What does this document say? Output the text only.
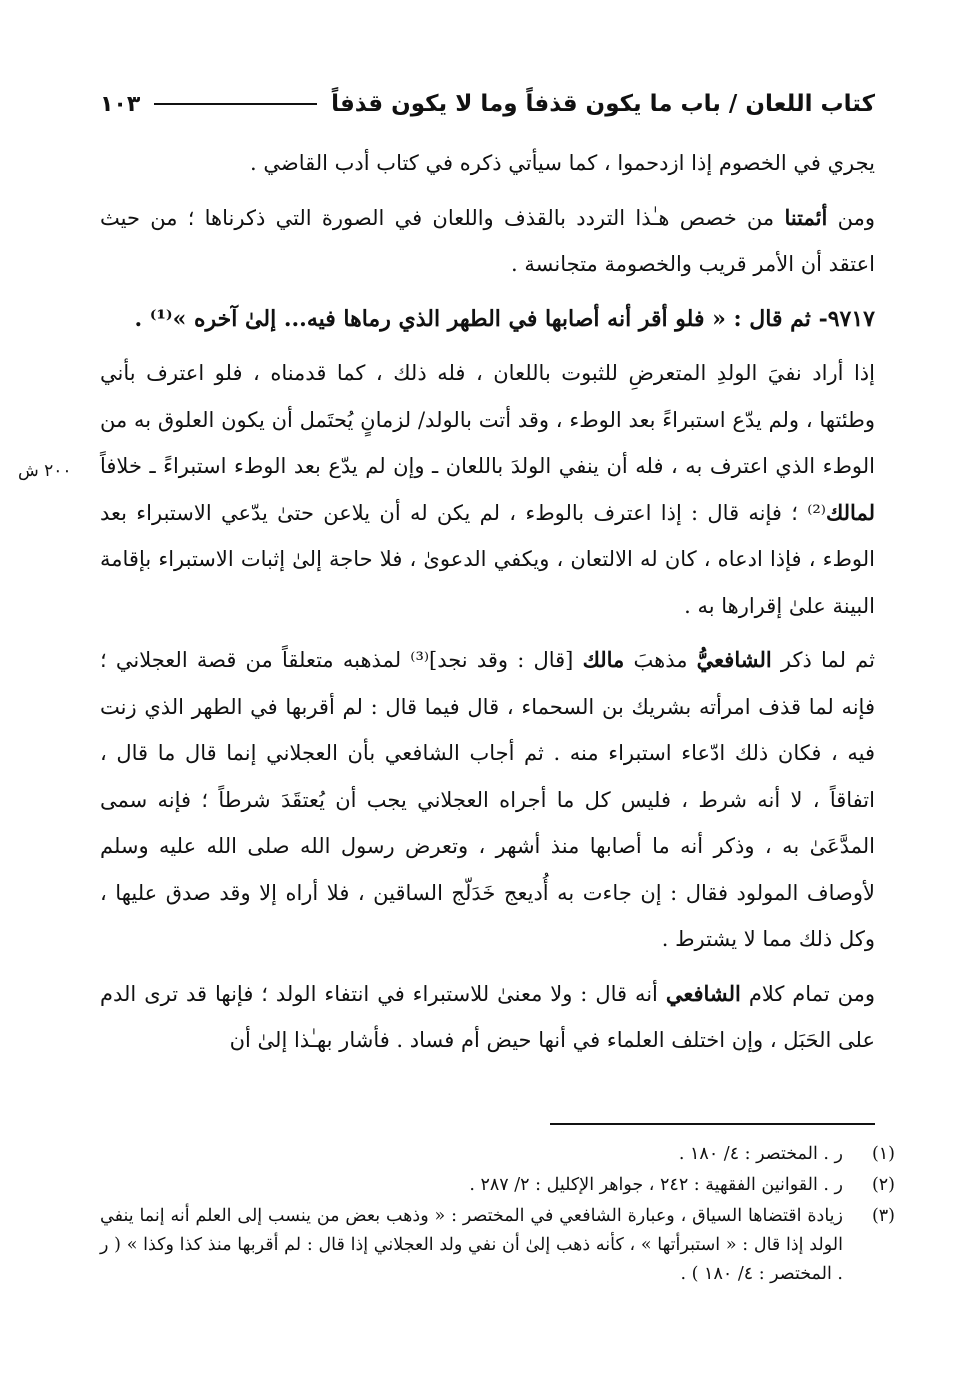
كتاب اللعان / باب ما يكون قذفاً وما لا يكون قذفاً
١٠٣
٢٠٠ ش

يجري في الخصوم إذا ازدحموا ، كما سيأتي ذكره في كتاب أدب القاضي .

ومن أئمتنا من خصص هـٰذا التردد بالقذف واللعان في الصورة التي ذكرناها ؛ من حيث اعتقد أن الأمر قريب والخصومة متجانسة .

٩٧١٧- ثم قال : « فلو أقر أنه أصابها في الطهر الذي رماها فيه... إلىٰ آخره »⁽¹⁾ .

إذا أراد نفيَ الولدِ المتعرضِ للثبوت باللعان ، فله ذلك ، كما قدمناه ، فلو اعترف بأني وطئتها ، ولم يدّع استبراءً بعد الوطء ، وقد أتت بالولد/ لزمانٍ يُحتَمل أن يكون العلوق به من الوطء الذي اعترف به ، فله أن ينفي الولدَ باللعان ـ وإن لم يدّع بعد الوطء استبراءً ـ خلافاً لمالك⁽²⁾ ؛ فإنه قال : إذا اعترف بالوطء ، لم يكن له أن يلاعن حتىٰ يدّعي الاستبراء بعد الوطء ، فإذا ادعاه ، كان له الالتعان ، ويكفي الدعوىٰ ، فلا حاجة إلىٰ إثبات الاستبراء بإقامة البينة علىٰ إقرارها به .

ثم لما ذكر الشافعيُّ مذهبَ مالك [قال : وقد نجد]⁽³⁾ لمذهبه متعلقاً من قصة العجلاني ؛ فإنه لما قذف امرأته بشريك بن السحماء ، قال فيما قال : لم أقربها في الطهر الذي زنت فيه ، فكان ذلك ادّعاء استبراء منه . ثم أجاب الشافعي بأن العجلاني إنما قال ما قال ، اتفاقاً ، لا أنه شرط ، فليس كل ما أجراه العجلاني يجب أن يُعتقَدَ شرطاً ؛ فإنه سمى المدَّعَىٰ به ، وذكر أنه ما أصابها منذ أشهر ، وتعرض رسول الله صلى الله عليه وسلم لأوصاف المولود فقال : إن جاءت به أُديعج خَدَلّج الساقين ، فلا أراه إلا وقد صدق عليها ، وكل ذلك مما لا يشترط .

ومن تمام كلام الشافعي أنه قال : ولا معنىٰ للاستبراء في انتفاء الولد ؛ فإنها قد ترى الدم على الحَبَل ، وإن اختلف العلماء في أنها حيض أم فساد . فأشار بهـٰذا إلىٰ أن

(١)
ر . المختصر : ٤/ ١٨٠ .
(٢)
ر . القوانين الفقهية : ٢٤٢ ، جواهر الإكليل : ٢/ ٢٨٧ .
(٣)
زيادة اقتضاها السياق ، وعبارة الشافعي في المختصر : « وذهب بعض من ينسب إلى العلم أنه إنما ينفي الولد إذا قال : « استبرأتها » ، كأنه ذهب إلىٰ أن نفي ولد العجلاني إذا قال : لم أقربها منذ كذا وكذا » ( ر . المختصر : ٤/ ١٨٠ ) .
